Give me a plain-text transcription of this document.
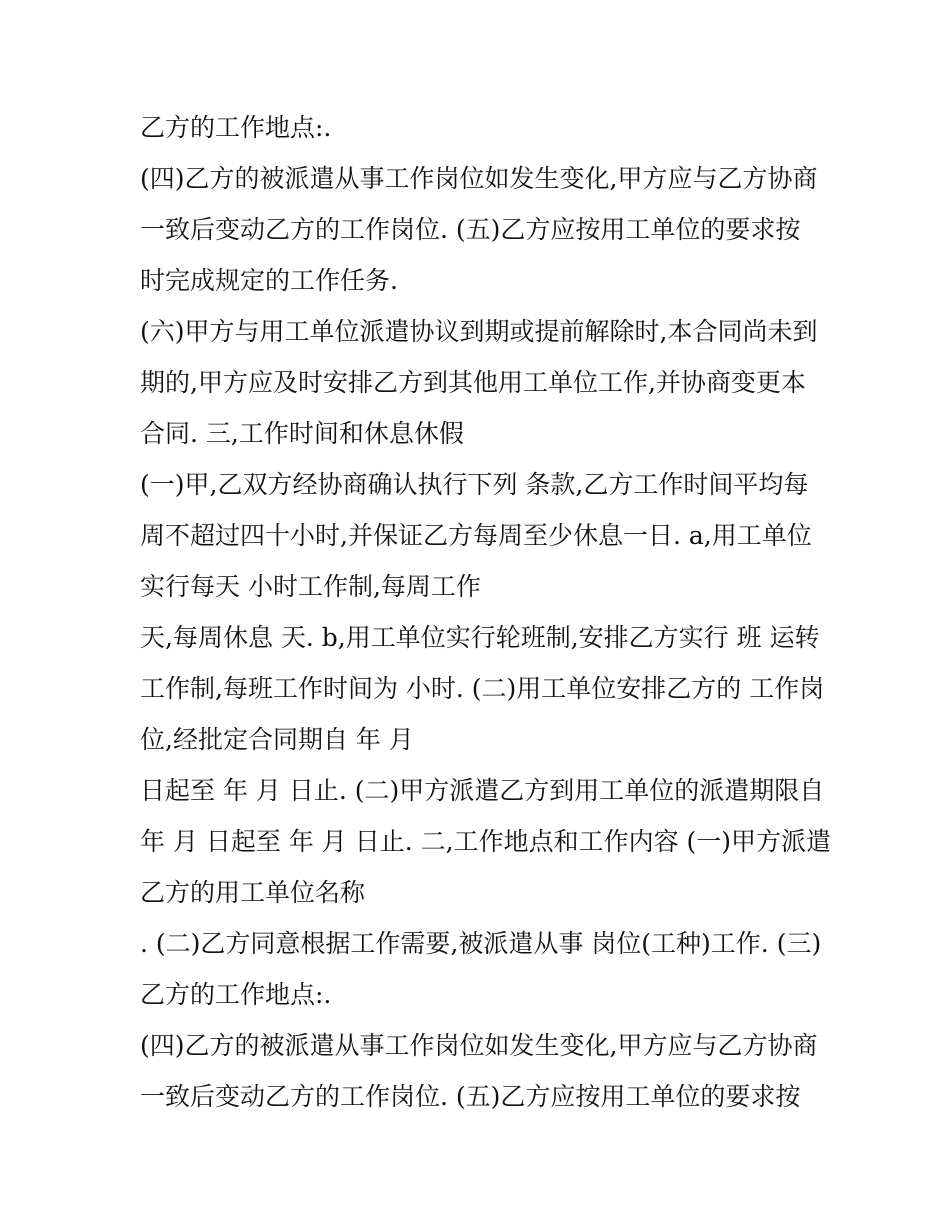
乙方的工作地点:.
(四)乙方的被派遣从事工作岗位如发生变化,甲方应与乙方协商
一致后变动乙方的工作岗位. (五)乙方应按用工单位的要求按
时完成规定的工作任务.
(六)甲方与用工单位派遣协议到期或提前解除时,本合同尚未到
期的,甲方应及时安排乙方到其他用工单位工作,并协商变更本
合同. 三,工作时间和休息休假
(一)甲,乙双方经协商确认执行下列 条款,乙方工作时间平均每
周不超过四十小时,并保证乙方每周至少休息一日. a,用工单位
实行每天 小时工作制,每周工作
天,每周休息 天. b,用工单位实行轮班制,安排乙方实行 班 运转
工作制,每班工作时间为 小时. (二)用工单位安排乙方的 工作岗
位,经批定合同期自 年 月
日起至 年 月 日止. (二)甲方派遣乙方到用工单位的派遣期限自
年 月 日起至 年 月 日止. 二,工作地点和工作内容 (一)甲方派遣
乙方的用工单位名称
. (二)乙方同意根据工作需要,被派遣从事 岗位(工种)工作. (三)
乙方的工作地点:.
(四)乙方的被派遣从事工作岗位如发生变化,甲方应与乙方协商
一致后变动乙方的工作岗位. (五)乙方应按用工单位的要求按
